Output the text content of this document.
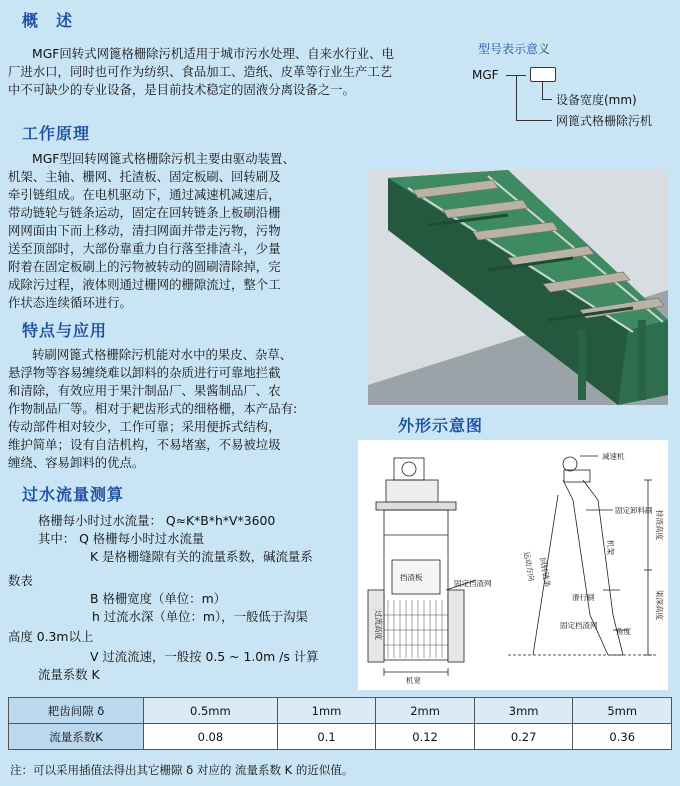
概　述
MGF回转式网篦格栅除污机适用于城市污水处理、自来水行业、电
厂进水口，同时也可作为纺织、食品加工、造纸、皮革等行业生产工艺
中不可缺少的专业设备，是目前技术稳定的固液分离设备之一。
型号表示意义
MGF
设备宽度(mm)
网篦式格栅除污机
工作原理
MGF型回转网篦式格栅除污机主要由驱动装置、
机架、主轴、栅网、托渣板、固定板刷、回转刷及
牵引链组成。在电机驱动下，通过减速机减速后，
带动链轮与链条运动，固定在回转链条上板刷沿栅
网网面由下而上移动，清扫网面并带走污物，污物
送至顶部时，大部份靠重力自行落至排渣斗，少量
附着在固定板刷上的污物被转动的圆刷清除掉，完
成除污过程，液体则通过栅网的栅隙流过，整个工
作状态连续循环进行。
特点与应用
转刷网篦式格栅除污机能对水中的果皮、杂草、
悬浮物等容易缠绕难以卸料的杂质进行可靠地拦截
和清除，有效应用于果汁制品厂、果酱制品厂、农
作物制品厂等。相对于耙齿形式的细格栅，本产品有:
传动部件相对较少，工作可靠；采用便拆式结构，
维护简单；设有自洁机构，不易堵塞，不易被垃圾
缠绕、容易卸料的优点。
外形示意图
减速机
固定卸料刷
滑行刷
角度
挡渣板
固定挡渣网
机宽
固定档渣网
运动方向 回转链条
排渣高度
渠深高度
过流高度
机架
过水流量测算
格栅每小时过水流量： Q≈K*B*h*V*3600
其中： Q 格栅每小时过水流量
K 是格栅缝隙有关的流量系数，碱流量系
数表
B 格栅宽度（单位：m）
h 过流水深（单位：m），一般低于沟渠
高度 0.3m以上
V 过流流速，一般按 0.5 ~ 1.0m /s 计算
流量系数 K
耙齿间隙 δ	0.5mm	1mm	2mm	3mm	5mm
流量系数K	0.08	0.1	0.12	0.27	0.36
注：可以采用插值法得出其它栅隙 δ 对应的 流量系数 K 的近似值。
